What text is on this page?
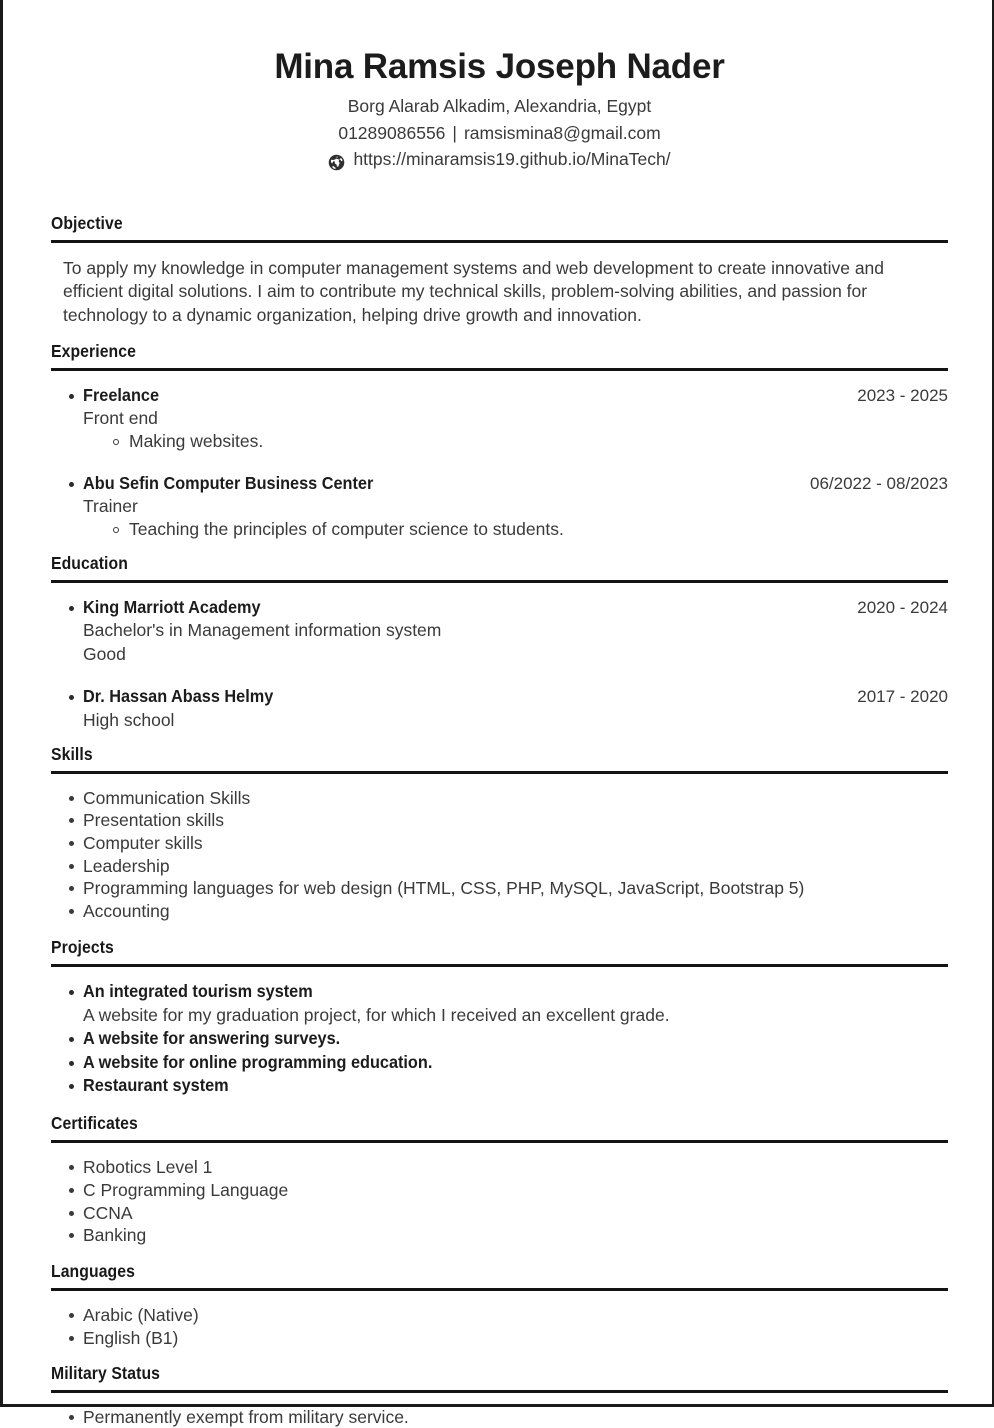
Mina Ramsis Joseph Nader
Borg Alarab Alkadim, Alexandria, Egypt
01289086556 | ramsismina8@gmail.com
https://minaramsis19.github.io/MinaTech/
Objective

To apply my knowledge in computer management systems and web development to create innovative and efficient digital solutions. I aim to contribute my technical skills, problem-solving abilities, and passion for technology to a dynamic organization, helping drive growth and innovation.

Experience
Freelance	2023 - 2025
Front end
Making websites.
Abu Sefin Computer Business Center	06/2022 - 08/2023
Trainer
Teaching the principles of computer science to students.
Education
King Marriott Academy	2020 - 2024
Bachelor's in Management information system
Good
Dr. Hassan Abass Helmy	2017 - 2020
High school
Skills
Communication Skills
Presentation skills
Computer skills
Leadership
Programming languages for web design (HTML, CSS, PHP, MySQL, JavaScript, Bootstrap 5)
Accounting
Projects
An integrated tourism system
A website for my graduation project, for which I received an excellent grade.
A website for answering surveys.
A website for online programming education.
Restaurant system
Certificates
Robotics Level 1
C Programming Language
CCNA
Banking
Languages
Arabic (Native)
English (B1)
Military Status
Permanently exempt from military service.
